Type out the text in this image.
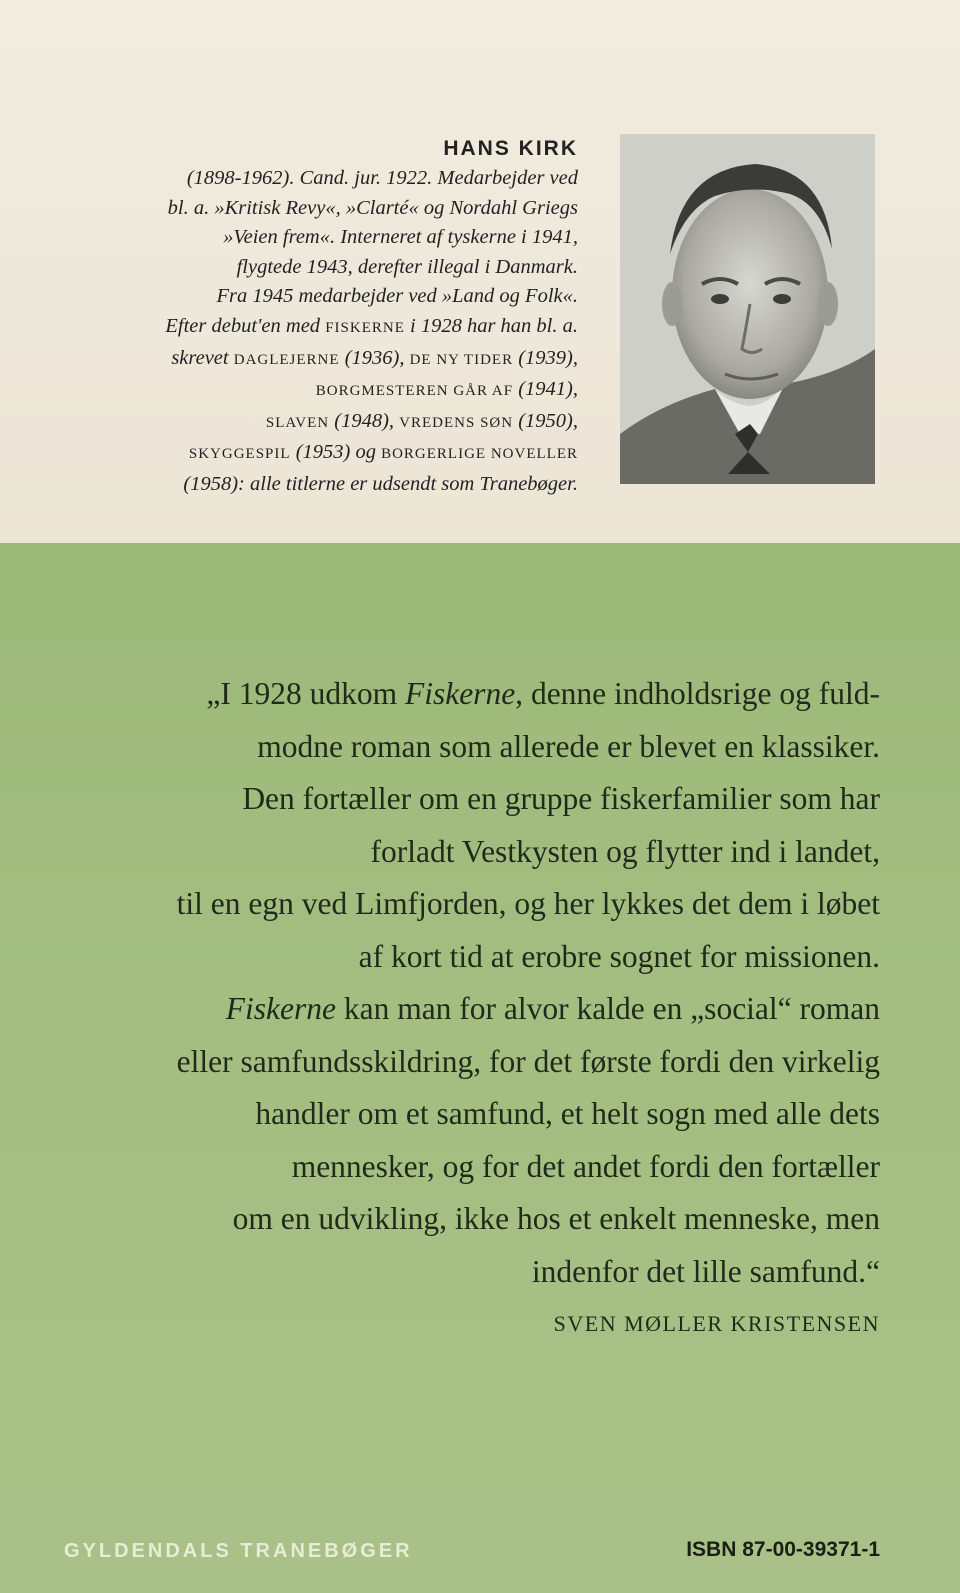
HANS KIRK
(1898-1962). Cand. jur. 1922. Medarbejder ved
bl. a. »Kritisk Revy«, »Clarté« og Nordahl Griegs
»Veien frem«. Interneret af tyskerne i 1941,
flygtede 1943, derefter illegal i Danmark.
Fra 1945 medarbejder ved »Land og Folk«.
Efter debut'en med FISKERNE i 1928 har han bl. a.
skrevet DAGLEJERNE (1936), DE NY TIDER (1939),
BORGMESTEREN GÅR AF (1941),
SLAVEN (1948), VREDENS SØN (1950),
SKYGGESPIL (1953) og BORGERLIGE NOVELLER
(1958): alle titlerne er udsendt som Tranebøger.
„I 1928 udkom Fiskerne, denne indholdsrige og fuld-
modne roman som allerede er blevet en klassiker.
Den fortæller om en gruppe fiskerfamilier som har
forladt Vestkysten og flytter ind i landet,
til en egn ved Limfjorden, og her lykkes det dem i løbet
af kort tid at erobre sognet for missionen.
Fiskerne kan man for alvor kalde en „social“ roman
eller samfundsskildring, for det første fordi den virkelig
handler om et samfund, et helt sogn med alle dets
mennesker, og for det andet fordi den fortæller
om en udvikling, ikke hos et enkelt menneske, men
indenfor det lille samfund.“
SVEN MØLLER KRISTENSEN
GYLDENDALS TRANEBØGER	ISBN 87-00-39371-1
